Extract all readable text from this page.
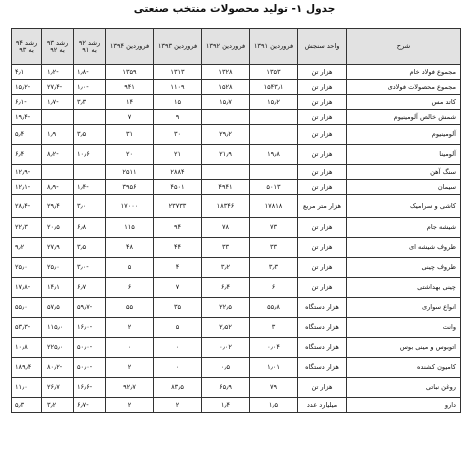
جدول ۱- تولید محصولات منتخب صنعتی
شرح	واحد سنجش	فروردین ۱۳۹۱	فروردین ۱۳۹۲	فروردین ۱۳۹۳	فروردین ۱۳۹۴	رشد ۹۲ به ۹۱	رشد ۹۳ به ۹۲	رشد ۹۴ به ۹۳
مجموع فولاد خام	هزار تن	۱۳۵۳	۱۳۲۸	۱۳۱۳	۱۳۵۹	-۱٫۸	-۱٫۲	۴٫۱
مجموع محصولات فولادی	هزار تن	۱۵۴۳٫۱	۱۵۲۸	۱۱۰۹	۹۴۱	-۱٫۰	-۲۷٫۴	-۱۵٫۲
کاتد مس	هزار تن	۱۵٫۲	۱۵٫۷	۱۵	۱۴	۳٫۳	-۱٫۷	-۶٫۱
شمش خالص آلومینیوم	هزار تن			۹	۷			-۱۹٫۴
آلومینیوم	هزار تن		۲۹٫۲	۳۰	۳۱	۳٫۵	۱٫۹	۵٫۴
آلومینا	هزار تن	۱۹٫۸	۲۱٫۹	۲۱	۲۰	۱۰٫۶	-۸٫۲	۶٫۴
سنگ آهن	هزار تن			۲۸۸۴	۲۵۱۱			-۱۲٫۹
سیمان	هزار تن	۵۰۱۳	۴۹۴۱	۴۵۰۱	۳۹۵۶	-۱٫۴	-۸٫۹	-۱۲٫۱
کاشی و سرامیک	هزار متر مربع	۱۷۸۱۸	۱۸۳۴۶	۲۳۷۳۳	۱۷۰۰۰	۳٫۰	۲۹٫۴	-۲۸٫۴
شیشه جام	هزار تن	۷۳	۷۸	۹۴	۱۱۵	۶٫۸	۲۰٫۵	۲۲٫۳
ظروف شیشه ای	هزار تن	۳۳	۳۳	۴۴	۴۸	۳٫۵	۲۷٫۹	۹٫۲
ظروف چینی	هزار تن	۳٫۳	۳٫۲	۴	۵	-۳٫۰	۲۵٫۰	۲۵٫۰
چینی بهداشتی	هزار تن	۶	۶٫۴	۷	۶	۶٫۷	۱۴٫۱	-۱۷٫۸
انواع سواری	هزار دستگاه	۵۵٫۸	۲۲٫۵	۳۵	۵۵	-۵۹٫۷	۵۷٫۵	۵۵٫۰
وانت	هزار دستگاه	۳	۲٫۵۲	۵	۲	-۱۶٫۰	۱۱۵٫۰	-۵۳٫۳
اتوبوس و مینی بوس	هزار دستگاه	۰٫۰۴	۰٫۰۲	۰	۰	-۵۰٫۰	۲۲۵٫۰	۱۰٫۸
کامیون کشنده	هزار دستگاه	۱٫۰۱	۰٫۵	۰	۲	-۵۰٫۰	-۸۰٫۲	۱۸۹٫۴
روغن نباتی	هزار تن	۷۹	۶۵٫۹	۸۳٫۵	۹۲٫۷	-۱۶٫۶	۲۶٫۷	۱۱٫۰
دارو	میلیارد عدد	۱٫۵	۱٫۴	۲	۲	-۶٫۷	۳٫۲	۵٫۳
